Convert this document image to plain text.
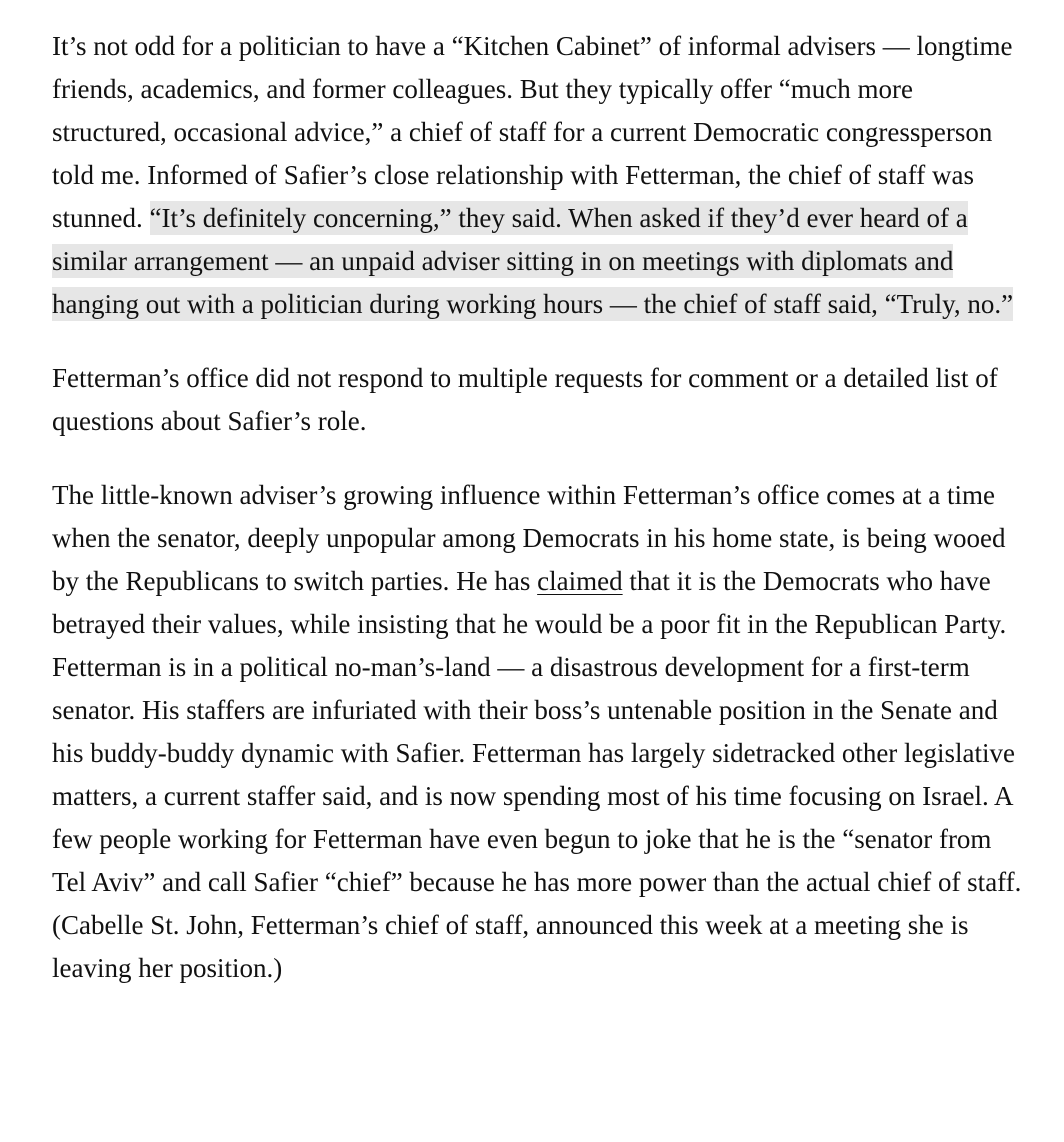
It’s not odd for a politician to have a “Kitchen Cabinet” of informal advisers — longtime friends, academics, and former colleagues. But they typically offer “much more structured, occasional advice,” a chief of staff for a current Democratic congressperson told me. Informed of Safier’s close relationship with Fetterman, the chief of staff was stunned. “It’s definitely concerning,” they said. When asked if they’d ever heard of a similar arrangement — an unpaid adviser sitting in on meetings with diplomats and hanging out with a politician during working hours — the chief of staff said, “Truly, no.”

Fetterman’s office did not respond to multiple requests for comment or a detailed list of questions about Safier’s role.

The little-known adviser’s growing influence within Fetterman’s office comes at a time when the senator, deeply unpopular among Democrats in his home state, is being wooed by the Republicans to switch parties. He has claimed that it is the Democrats who have betrayed their values, while insisting that he would be a poor fit in the Republican Party. Fetterman is in a political no-man’s-land — a disastrous development for a first-term senator. His staffers are infuriated with their boss’s untenable position in the Senate and his buddy-buddy dynamic with Safier. Fetterman has largely sidetracked other legislative matters, a current staffer said, and is now spending most of his time focusing on Israel. A few people working for Fetterman have even begun to joke that he is the “senator from Tel Aviv” and call Safier “chief” because he has more power than the actual chief of staff. (Cabelle St. John, Fetterman’s chief of staff, announced this week at a meeting she is leaving her position.)
